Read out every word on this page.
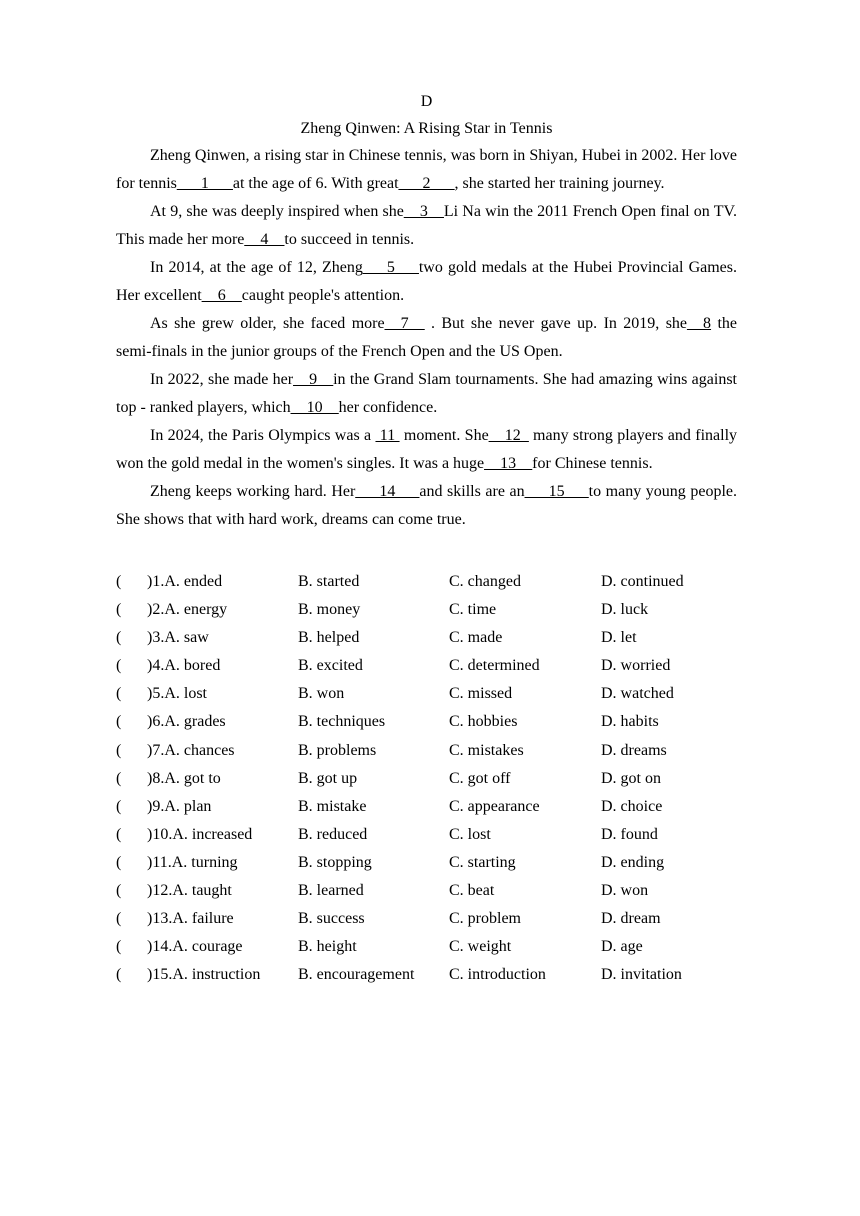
D
Zheng Qinwen: A Rising Star in Tennis

Zheng Qinwen, a rising star in Chinese tennis, was born in Shiyan, Hubei in 2002. Her love for tennis___1___at the age of 6. With great___2___, she started her training journey.

At 9, she was deeply inspired when she__3__Li Na win the 2011 French Open final on TV. This made her more__4__to succeed in tennis.

In 2014, at the age of 12, Zheng___5___two gold medals at the Hubei Provincial Games. Her excellent__6__caught people's attention.

As she grew older, she faced more__7__ . But she never gave up. In 2019, she__8 the semi-finals in the junior groups of the French Open and the US Open.

In 2022, she made her__9__in the Grand Slam tournaments. She had amazing wins against top - ranked players, which__10__her confidence.

In 2024, the Paris Olympics was a  11  moment. She__12_ many strong players and finally won the gold medal in the women's singles. It was a huge__13__for Chinese tennis.

Zheng keeps working hard. Her___14___and skills are an___15___to many young people. She shows that with hard work, dreams can come true.

( )1.A. ended	B. started	C. changed	D. continued
( )2.A. energy	B. money	C. time	D. luck
( )3.A. saw	B. helped	C. made	D. let
( )4.A. bored	B. excited	C. determined	D. worried
( )5.A. lost	B. won	C. missed	D. watched
( )6.A. grades	B. techniques	C. hobbies	D. habits
( )7.A. chances	B. problems	C. mistakes	D. dreams
( )8.A. got to	B. got up	C. got off	D. got on
( )9.A. plan	B. mistake	C. appearance	D. choice
( )10.A. increased	B. reduced	C. lost	D. found
( )11.A. turning	B. stopping	C. starting	D. ending
( )12.A. taught	B. learned	C. beat	D. won
( )13.A. failure	B. success	C. problem	D. dream
( )14.A. courage	B. height	C. weight	D. age
( )15.A. instruction B. encouragement C. introduction	D. invitation
